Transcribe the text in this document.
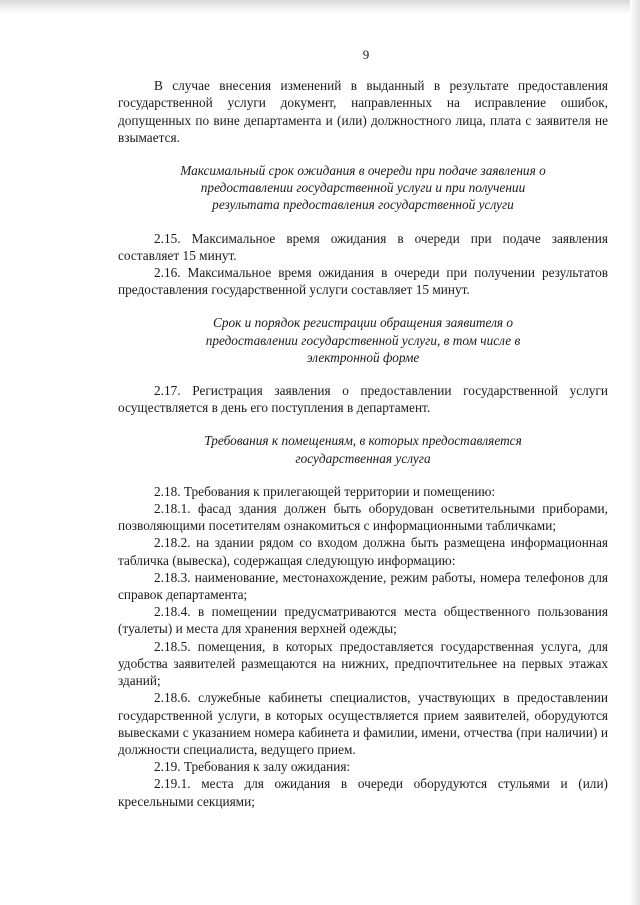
9

В случае внесения изменений в выданный в результате предоставления государственной услуги документ, направленных на исправление ошибок, допущенных по вине департамента и (или) должностного лица, плата с заявителя не взымается.

Максимальный срок ожидания в очереди при подаче заявления о предоставлении государственной услуги и при получении результата предоставления государственной услуги

2.15. Максимальное время ожидания в очереди при подаче заявления составляет 15 минут.

2.16. Максимальное время ожидания в очереди при получении результатов предоставления государственной услуги составляет 15 минут.

Срок и порядок регистрации обращения заявителя о предоставлении государственной услуги, в том числе в электронной форме

2.17. Регистрация заявления о предоставлении государственной услуги осуществляется в день его поступления в департамент.

Требования к помещениям, в которых предоставляется государственная услуга

2.18. Требования к прилегающей территории и помещению:

2.18.1. фасад здания должен быть оборудован осветительными приборами, позволяющими посетителям ознакомиться с информационными табличками;

2.18.2. на здании рядом со входом должна быть размещена информационная табличка (вывеска), содержащая следующую информацию:

2.18.3. наименование, местонахождение, режим работы, номера телефонов для справок департамента;

2.18.4. в помещении предусматриваются места общественного пользования (туалеты) и места для хранения верхней одежды;

2.18.5. помещения, в которых предоставляется государственная услуга, для удобства заявителей размещаются на нижних, предпочтительнее на первых этажах зданий;

2.18.6. служебные кабинеты специалистов, участвующих в предоставлении государственной услуги, в которых осуществляется прием заявителей, оборудуются вывесками с указанием номера кабинета и фамилии, имени, отчества (при наличии) и должности специалиста, ведущего прием.

2.19. Требования к залу ожидания:

2.19.1. места для ожидания в очереди оборудуются стульями и (или) кресельными секциями;
